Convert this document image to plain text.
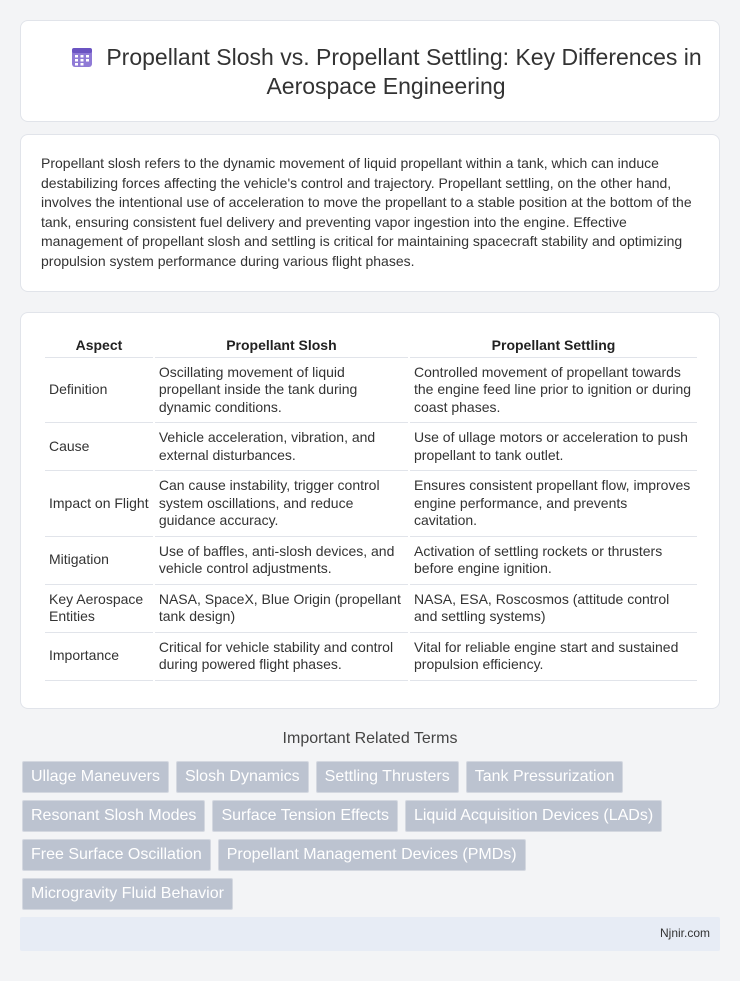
Propellant Slosh vs. Propellant Settling: Key Differences in Aerospace Engineering

Propellant slosh refers to the dynamic movement of liquid propellant within a tank, which can induce destabilizing forces affecting the vehicle's control and trajectory. Propellant settling, on the other hand, involves the intentional use of acceleration to move the propellant to a stable position at the bottom of the tank, ensuring consistent fuel delivery and preventing vapor ingestion into the engine. Effective management of propellant slosh and settling is critical for maintaining spacecraft stability and optimizing propulsion system performance during various flight phases.

Aspect	Propellant Slosh	Propellant Settling
Definition	Oscillating movement of liquid propellant inside the tank during dynamic conditions.	Controlled movement of propellant towards the engine feed line prior to ignition or during coast phases.
Cause	Vehicle acceleration, vibration, and external disturbances.	Use of ullage motors or acceleration to push propellant to tank outlet.
Impact on Flight	Can cause instability, trigger control system oscillations, and reduce guidance accuracy.	Ensures consistent propellant flow, improves engine performance, and prevents cavitation.
Mitigation	Use of baffles, anti-slosh devices, and vehicle control adjustments.	Activation of settling rockets or thrusters before engine ignition.
Key Aerospace Entities	NASA, SpaceX, Blue Origin (propellant tank design)	NASA, ESA, Roscosmos (attitude control and settling systems)
Importance	Critical for vehicle stability and control during powered flight phases.	Vital for reliable engine start and sustained propulsion efficiency.
Important Related Terms
Ullage Maneuvers	Slosh Dynamics	Settling Thrusters	Tank Pressurization
Resonant Slosh Modes	Surface Tension Effects	Liquid Acquisition Devices (LADs)
Free Surface Oscillation	Propellant Management Devices (PMDs)
Microgravity Fluid Behavior
Njnir.com
